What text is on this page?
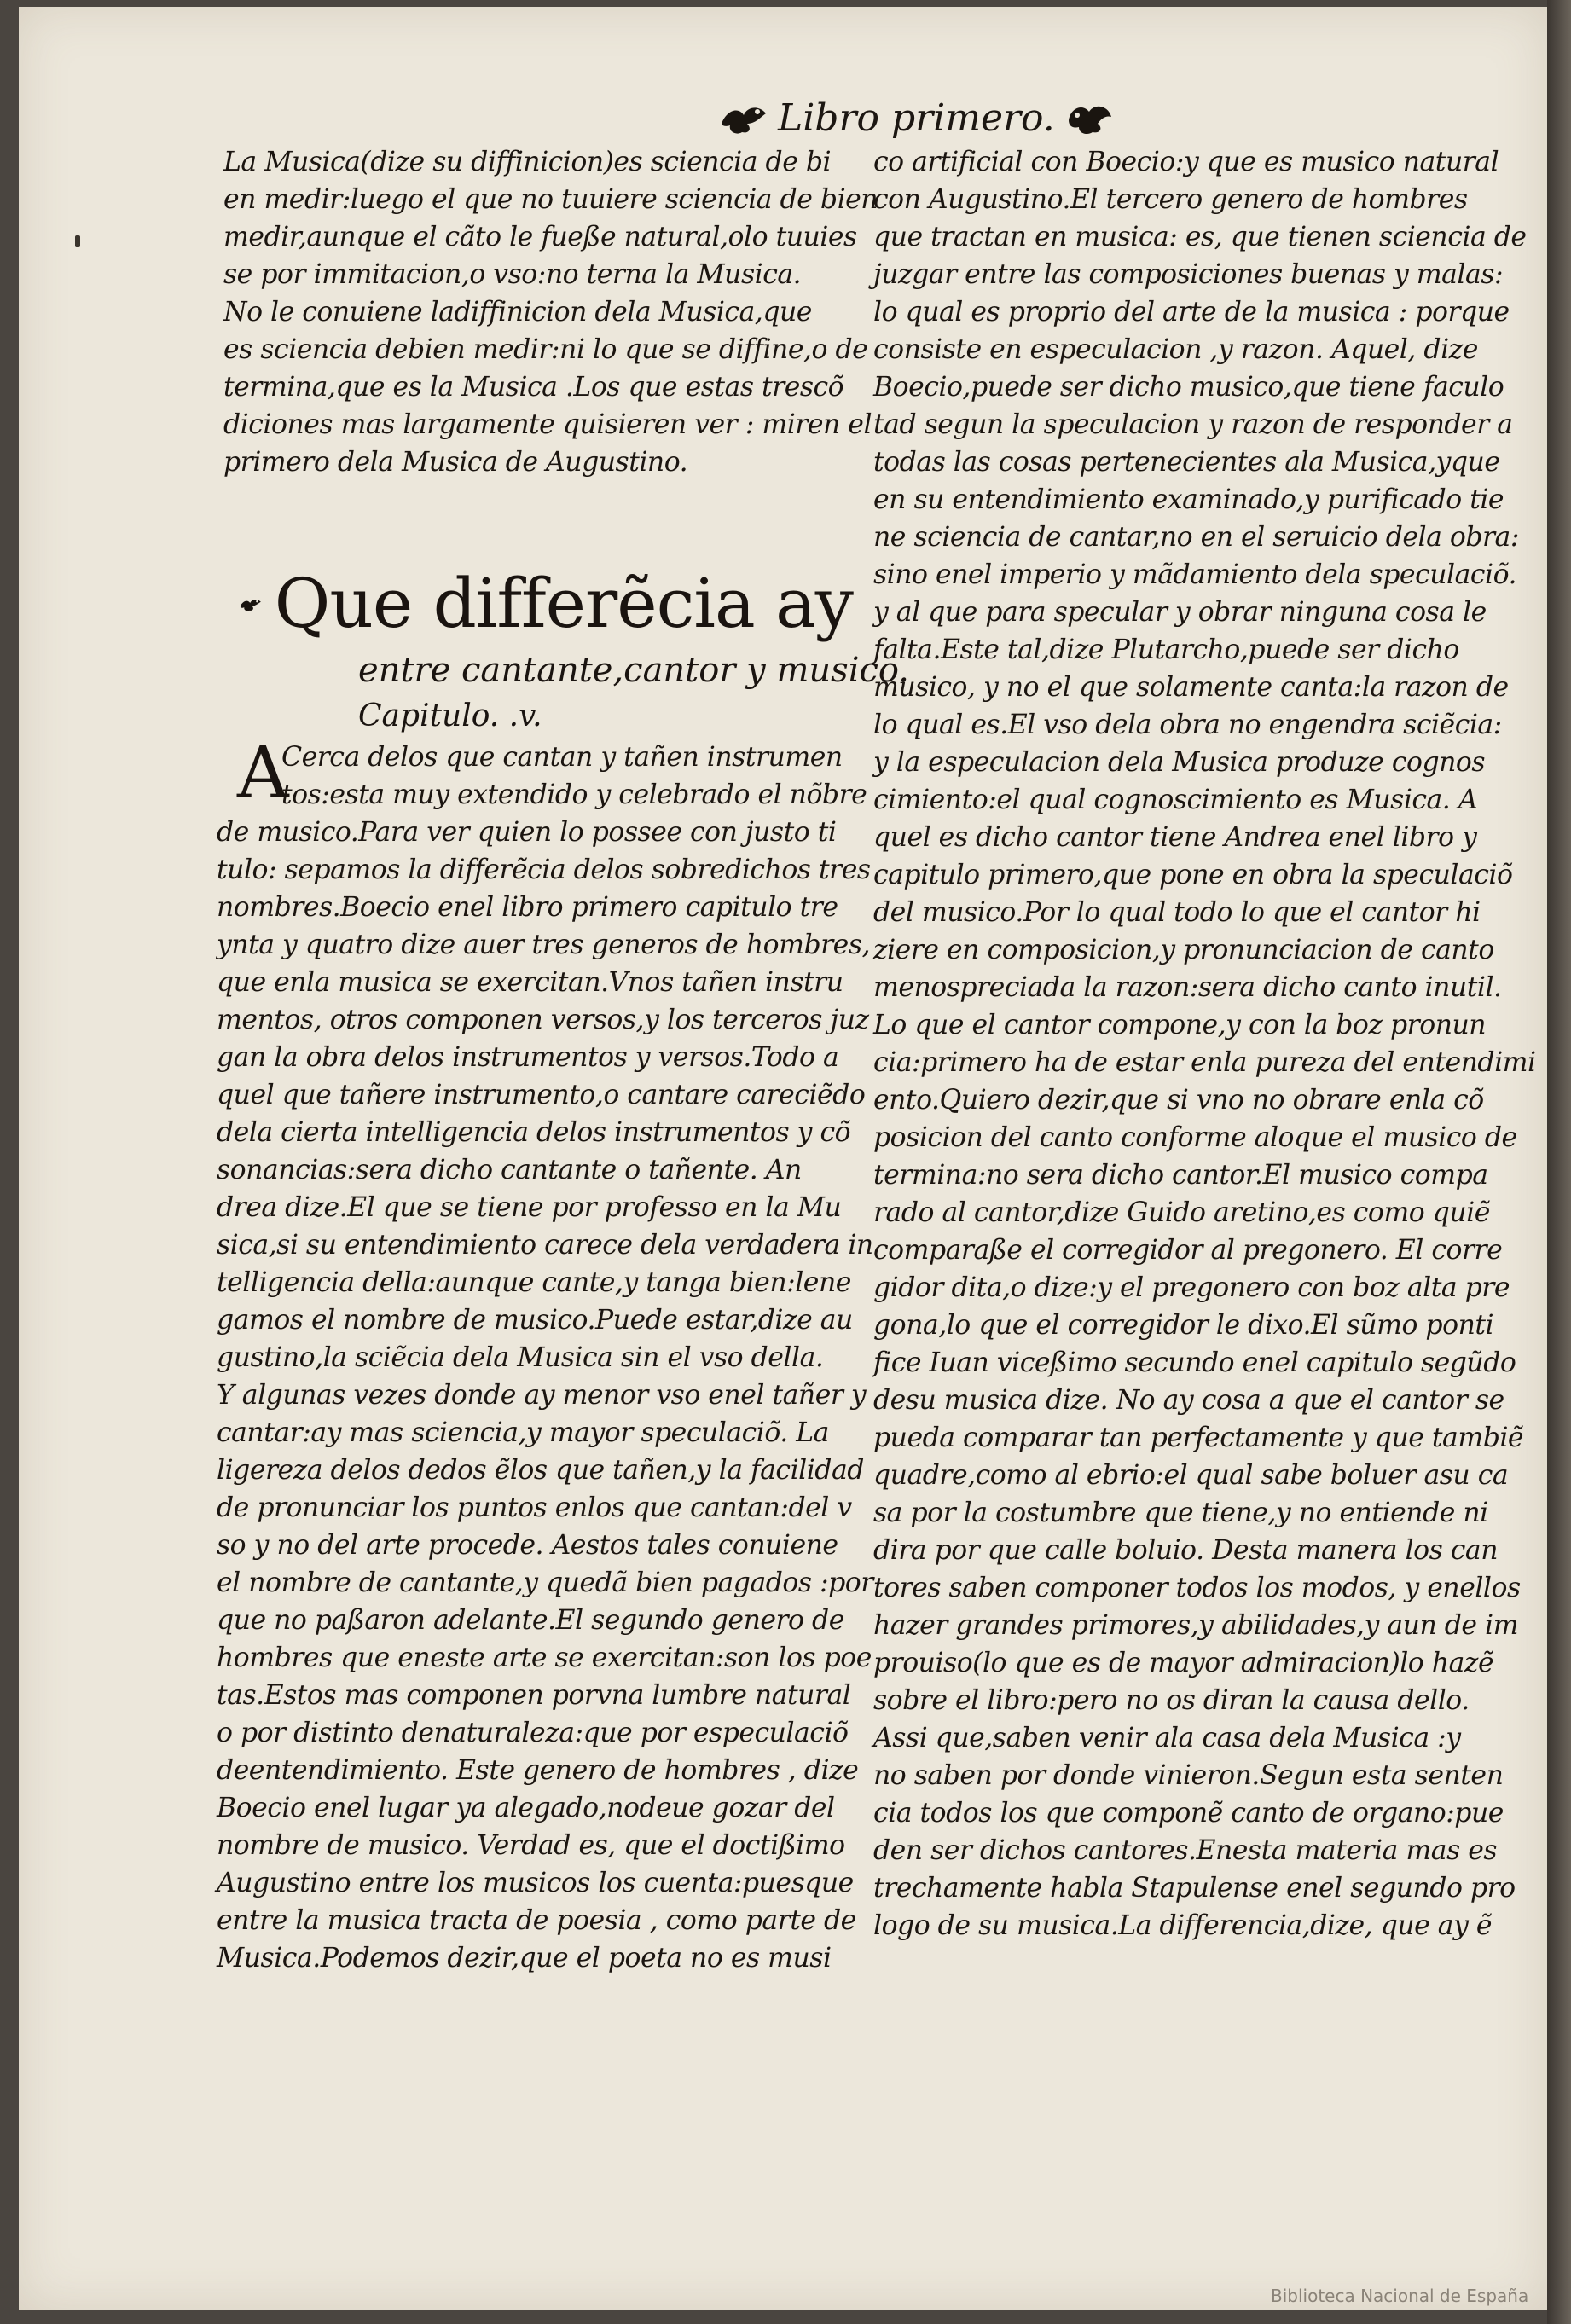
Libro primero.
La Musica(dize su diffinicion)es sciencia de bi
en medir:luego el que no tuuiere sciencia de bien
medir,aunque el cãto le fueße natural,olo tuuies
se por immitacion,o vso:no terna la Musica.
No le conuiene ladiffinicion dela Musica,que
es sciencia debien medir:ni lo que se diffine,o de
termina,que es la Musica .Los que estas trescõ
diciones mas largamente quisieren ver : miren el
primero dela Musica de Augustino.
Que differẽcia ay
entre cantante,cantor y musico.
Capitulo. .v.
A
Cerca delos que cantan y tañen instrumen
tos:esta muy extendido y celebrado el nõbre
de musico.Para ver quien lo possee con justo ti
tulo: sepamos la differẽcia delos sobredichos tres
nombres.Boecio enel libro primero capitulo tre
ynta y quatro dize auer tres generos de hombres,
que enla musica se exercitan.Vnos tañen instru
mentos, otros componen versos,y los terceros juz
gan la obra delos instrumentos y versos.Todo a
quel que tañere instrumento,o cantare careciẽdo
dela cierta intelligencia delos instrumentos y cõ
sonancias:sera dicho cantante o tañente. An
drea dize.El que se tiene por professo en la Mu
sica,si su entendimiento carece dela verdadera in
telligencia della:aunque cante,y tanga bien:lene
gamos el nombre de musico.Puede estar,dize au
gustino,la sciẽcia dela Musica sin el vso della.
Y algunas vezes donde ay menor vso enel tañer y
cantar:ay mas sciencia,y mayor speculaciõ. La
ligereza delos dedos ẽlos que tañen,y la facilidad
de pronunciar los puntos enlos que cantan:del v
so y no del arte procede. Aestos tales conuiene
el nombre de cantante,y quedã bien pagados :por
que no paßaron adelante.El segundo genero de
hombres que eneste arte se exercitan:son los poe
tas.Estos mas componen porvna lumbre natural
o por distinto denaturaleza:que por especulaciõ
deentendimiento. Este genero de hombres , dize
Boecio enel lugar ya alegado,nodeue gozar del
nombre de musico. Verdad es, que el doctißimo
Augustino entre los musicos los cuenta:puesque
entre la musica tracta de poesia , como parte de
Musica.Podemos dezir,que el poeta no es musi
co artificial con Boecio:y que es musico natural
con Augustino.El tercero genero de hombres
que tractan en musica: es, que tienen sciencia de
juzgar entre las composiciones buenas y malas:
lo qual es proprio del arte de la musica : porque
consiste en especulacion ,y razon. Aquel, dize
Boecio,puede ser dicho musico,que tiene faculo
tad segun la speculacion y razon de responder a
todas las cosas pertenecientes ala Musica,yque
en su entendimiento examinado,y purificado tie
ne sciencia de cantar,no en el seruicio dela obra:
sino enel imperio y mãdamiento dela speculaciõ.
y al que para specular y obrar ninguna cosa le
falta.Este tal,dize Plutarcho,puede ser dicho
musico, y no el que solamente canta:la razon de
lo qual es.El vso dela obra no engendra sciẽcia:
y la especulacion dela Musica produze cognos
cimiento:el qual cognoscimiento es Musica. A
quel es dicho cantor tiene Andrea enel libro y
capitulo primero,que pone en obra la speculaciõ
del musico.Por lo qual todo lo que el cantor hi
ziere en composicion,y pronunciacion de canto
menospreciada la razon:sera dicho canto inutil.
Lo que el cantor compone,y con la boz pronun
cia:primero ha de estar enla pureza del entendimi
ento.Quiero dezir,que si vno no obrare enla cõ
posicion del canto conforme aloque el musico de
termina:no sera dicho cantor.El musico compa
rado al cantor,dize Guido aretino,es como quiẽ
comparaße el corregidor al pregonero. El corre
gidor dita,o dize:y el pregonero con boz alta pre
gona,lo que el corregidor le dixo.El sũmo ponti
fice Iuan viceßimo secundo enel capitulo segũdo
desu musica dize. No ay cosa a que el cantor se
pueda comparar tan perfectamente y que tambiẽ
quadre,como al ebrio:el qual sabe boluer asu ca
sa por la costumbre que tiene,y no entiende ni
dira por que calle boluio. Desta manera los can
tores saben componer todos los modos, y enellos
hazer grandes primores,y abilidades,y aun de im
prouiso(lo que es de mayor admiracion)lo hazẽ
sobre el libro:pero no os diran la causa dello.
Assi que,saben venir ala casa dela Musica :y
no saben por donde vinieron.Segun esta senten
cia todos los que componẽ canto de organo:pue
den ser dichos cantores.Enesta materia mas es
trechamente habla Stapulense enel segundo pro
logo de su musica.La differencia,dize, que ay ẽ
Biblioteca Nacional de España
